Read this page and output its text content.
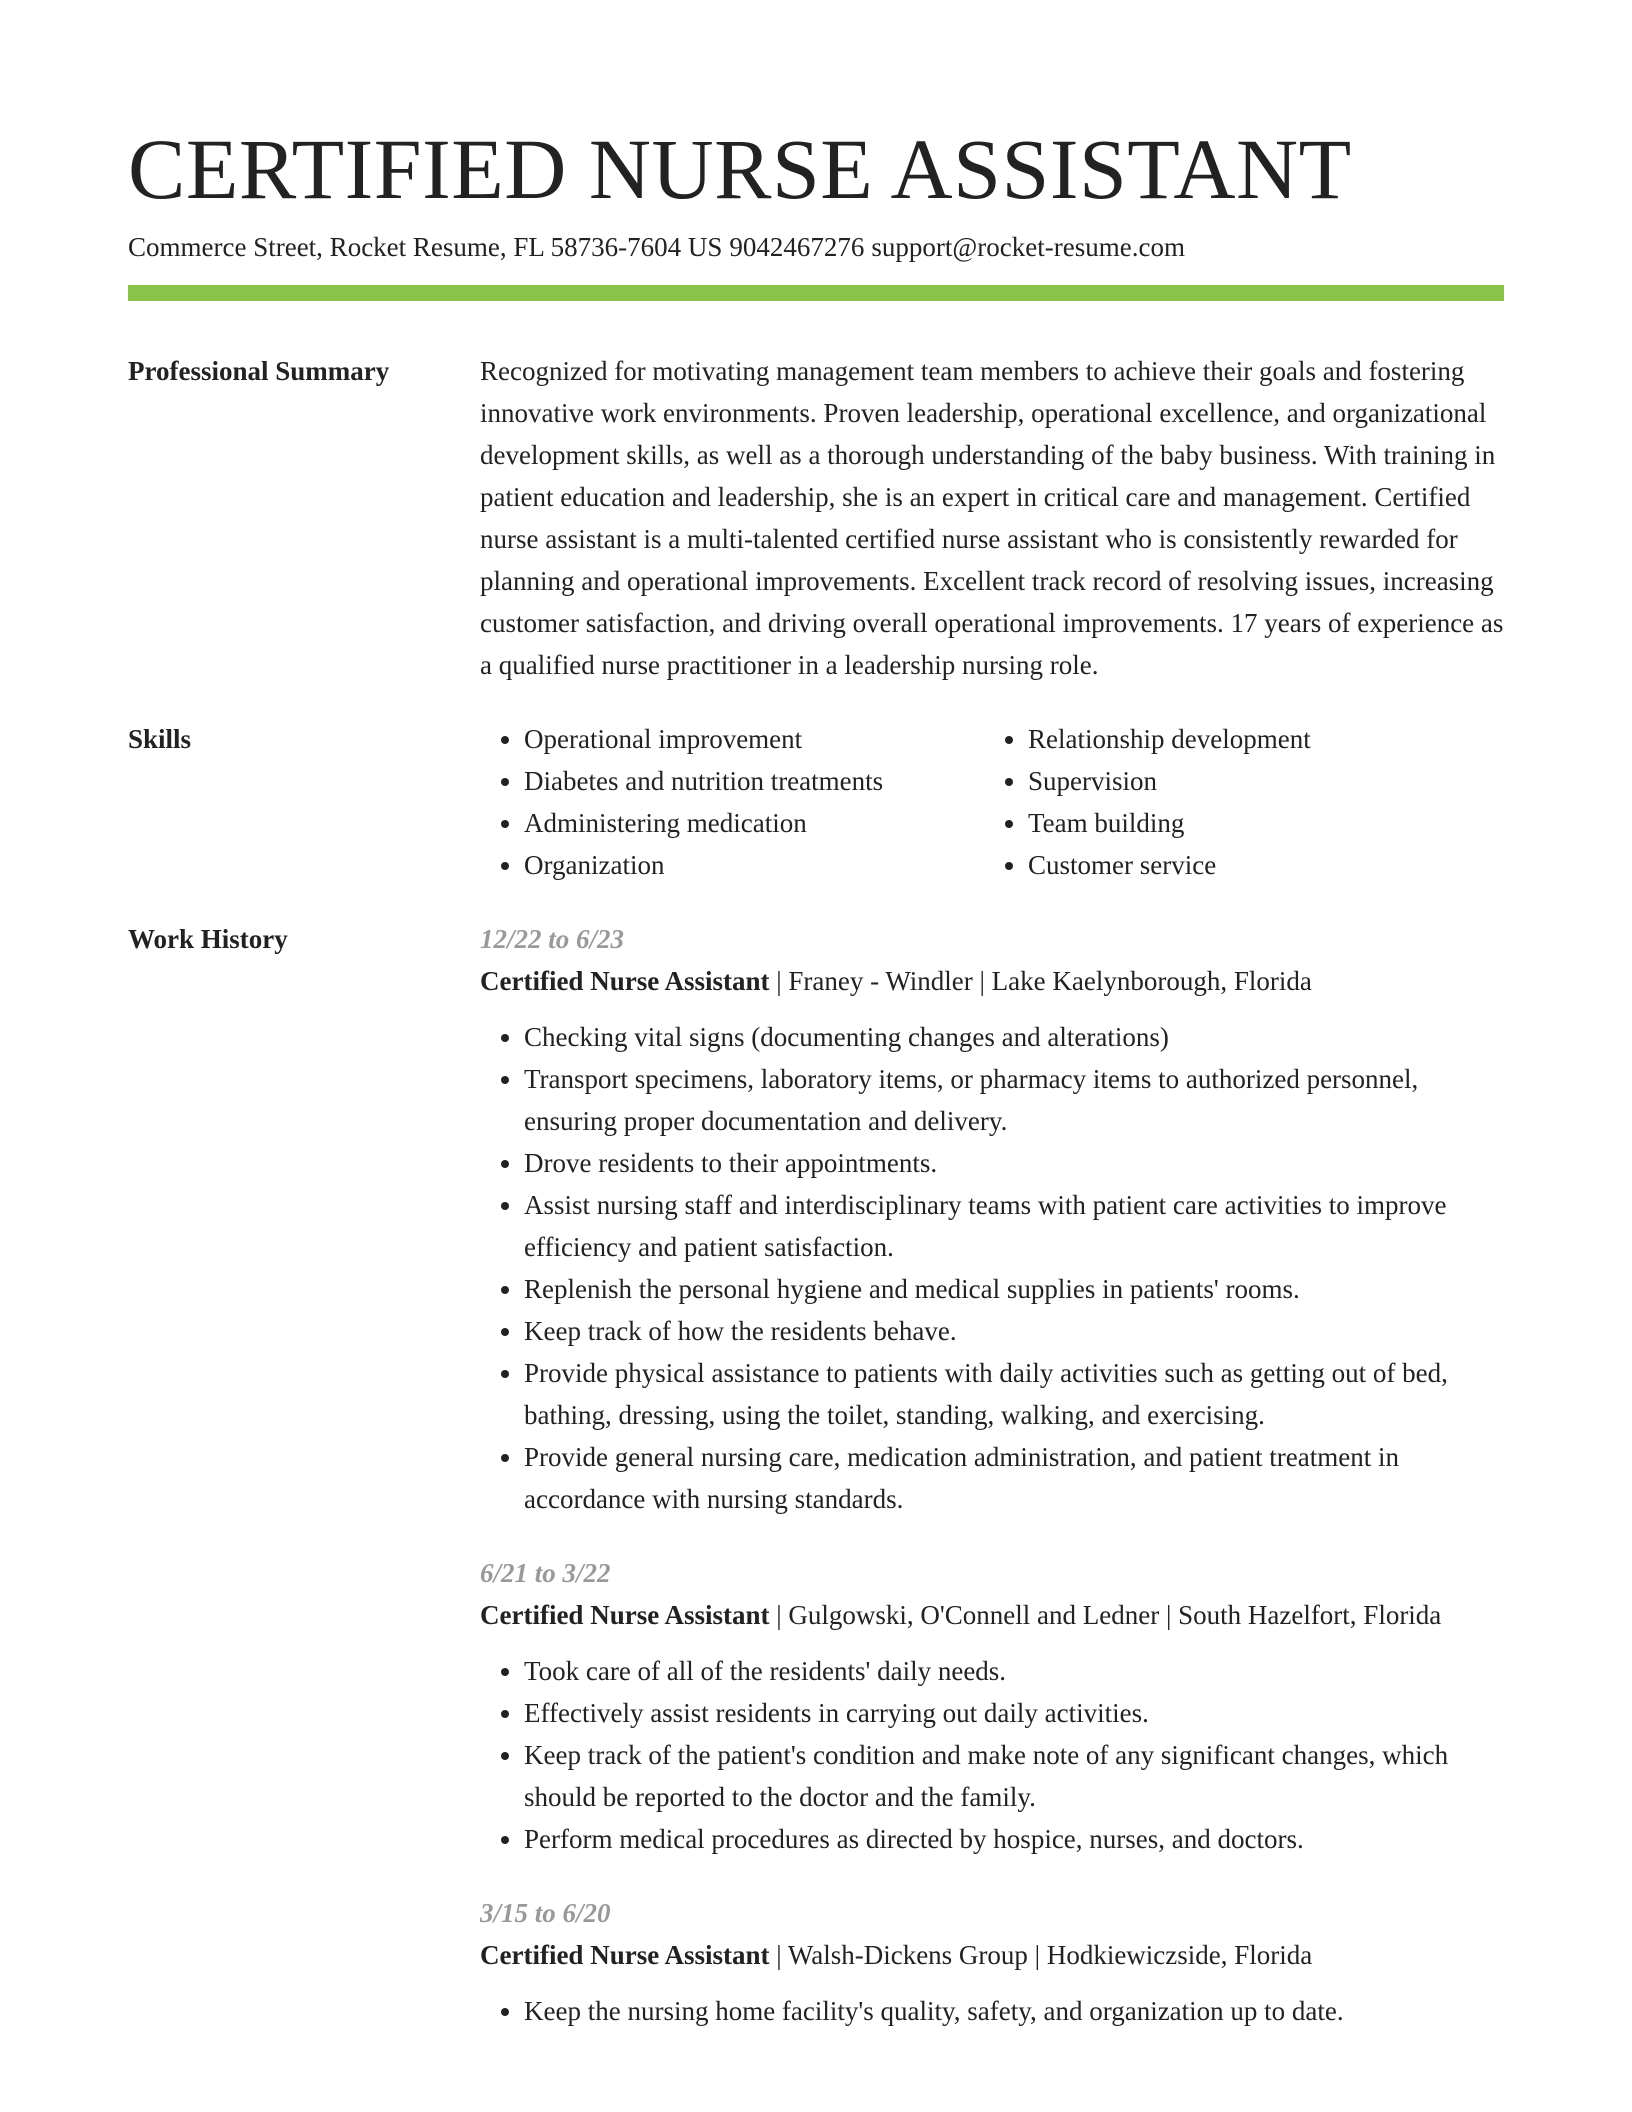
CERTIFIED NURSE ASSISTANT
Commerce Street, Rocket Resume, FL 58736-7604 US 9042467276 support@rocket-resume.com
Professional Summary	Recognized for motivating management team members to achieve their goals and fostering innovative work environments. Proven leadership, operational excellence, and organizational development skills, as well as a thorough understanding of the baby business. With training in patient education and leadership, she is an expert in critical care and management. Certified nurse assistant is a multi-talented certified nurse assistant who is consistently rewarded for planning and operational improvements. Excellent track record of resolving issues, increasing customer satisfaction, and driving overall operational improvements. 17 years of experience as a qualified nurse practitioner in a leadership nursing role.

Skills
•	Operational improvement
• Diabetes and nutrition treatments
• Administering medication
• Organization
• Relationship development
• Supervision
• Team building
• Customer service
Work History	12/22 to 6/23
Certified Nurse Assistant | Franey - Windler | Lake Kaelynborough, Florida
• Checking vital signs (documenting changes and alterations)
• Transport specimens, laboratory items, or pharmacy items to authorized personnel, ensuring proper documentation and delivery.
• Drove residents to their appointments.
• Assist nursing staff and interdisciplinary teams with patient care activities to improve efficiency and patient satisfaction.
• Replenish the personal hygiene and medical supplies in patients' rooms.
• Keep track of how the residents behave.
• Provide physical assistance to patients with daily activities such as getting out of bed, bathing, dressing, using the toilet, standing, walking, and exercising.
• Provide general nursing care, medication administration, and patient treatment in accordance with nursing standards.
6/21 to 3/22
Certified Nurse Assistant | Gulgowski, O'Connell and Ledner | South Hazelfort, Florida
• Took care of all of the residents' daily needs.
• Effectively assist residents in carrying out daily activities.
• Keep track of the patient's condition and make note of any significant changes, which should be reported to the doctor and the family.
• Perform medical procedures as directed by hospice, nurses, and doctors.
3/15 to 6/20
Certified Nurse Assistant | Walsh-Dickens Group | Hodkiewiczside, Florida
• Keep the nursing home facility's quality, safety, and organization up to date.
